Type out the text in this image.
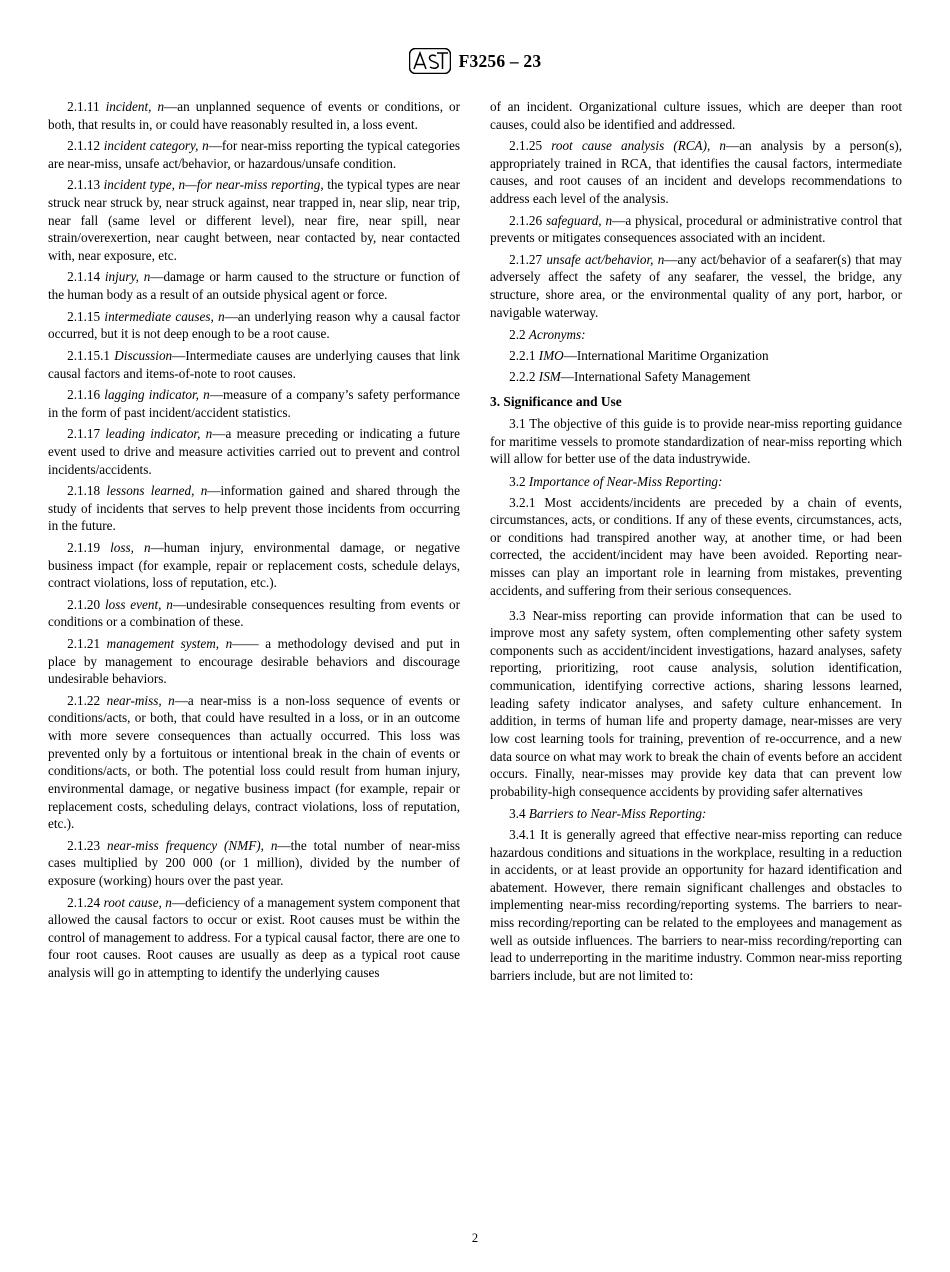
F3256 – 23

2.1.11 incident, n—an unplanned sequence of events or conditions, or both, that results in, or could have reasonably resulted in, a loss event.

2.1.12 incident category, n—for near-miss reporting the typical categories are near-miss, unsafe act/behavior, or hazardous/unsafe condition.

2.1.13 incident type, n—for near-miss reporting, the typical types are near struck near struck by, near struck against, near trapped in, near slip, near trip, near fall (same level or different level), near fire, near spill, near strain/overexertion, near caught between, near contacted by, near contacted with, near exposure, etc.

2.1.14 injury, n—damage or harm caused to the structure or function of the human body as a result of an outside physical agent or force.

2.1.15 intermediate causes, n—an underlying reason why a causal factor occurred, but it is not deep enough to be a root cause.

2.1.15.1 Discussion—Intermediate causes are underlying causes that link causal factors and items-of-note to root causes.

2.1.16 lagging indicator, n—measure of a company’s safety performance in the form of past incident/accident statistics.

2.1.17 leading indicator, n—a measure preceding or indicating a future event used to drive and measure activities carried out to prevent and control incidents/accidents.

2.1.18 lessons learned, n—information gained and shared through the study of incidents that serves to help prevent those incidents from occurring in the future.

2.1.19 loss, n—human injury, environmental damage, or negative business impact (for example, repair or replacement costs, schedule delays, contract violations, loss of reputation, etc.).

2.1.20 loss event, n—undesirable consequences resulting from events or conditions or a combination of these.

2.1.21 management system, n—— a methodology devised and put in place by management to encourage desirable behaviors and discourage undesirable behaviors.

2.1.22 near-miss, n—a near-miss is a non-loss sequence of events or conditions/acts, or both, that could have resulted in a loss, or in an outcome with more severe consequences than actually occurred. This loss was prevented only by a fortuitous or intentional break in the chain of events or conditions/acts, or both. The potential loss could result from human injury, environmental damage, or negative business impact (for example, repair or replacement costs, scheduling delays, contract violations, loss of reputation, etc.).

2.1.23 near-miss frequency (NMF), n—the total number of near-miss cases multiplied by 200 000 (or 1 million), divided by the number of exposure (working) hours over the past year.

2.1.24 root cause, n—deficiency of a management system component that allowed the causal factors to occur or exist. Root causes must be within the control of management to address. For a typical causal factor, there are one to four root causes. Root causes are usually as deep as a typical root cause analysis will go in attempting to identify the underlying causes

of an incident. Organizational culture issues, which are deeper than root causes, could also be identified and addressed.

2.1.25 root cause analysis (RCA), n—an analysis by a person(s), appropriately trained in RCA, that identifies the causal factors, intermediate causes, and root causes of an incident and develops recommendations to address each level of the analysis.

2.1.26 safeguard, n—a physical, procedural or administrative control that prevents or mitigates consequences associated with an incident.

2.1.27 unsafe act/behavior, n—any act/behavior of a seafarer(s) that may adversely affect the safety of any seafarer, the vessel, the bridge, any structure, shore area, or the environmental quality of any port, harbor, or navigable waterway.

2.2 Acronyms:

2.2.1 IMO—International Maritime Organization

2.2.2 ISM—International Safety Management

3. Significance and Use

3.1 The objective of this guide is to provide near-miss reporting guidance for maritime vessels to promote standardization of near-miss reporting which will allow for better use of the data industrywide.

3.2 Importance of Near-Miss Reporting:

3.2.1 Most accidents/incidents are preceded by a chain of events, circumstances, acts, or conditions. If any of these events, circumstances, acts, or conditions had transpired another way, at another time, or had been corrected, the accident/incident may have been avoided. Reporting near-misses can play an important role in learning from mistakes, preventing accidents, and suffering from their serious consequences.

3.3 Near-miss reporting can provide information that can be used to improve most any safety system, often complementing other safety system components such as accident/incident investigations, hazard analyses, safety reporting, prioritizing, root cause analysis, solution identification, communication, identifying corrective actions, sharing lessons learned, leading safety indicator analyses, and safety culture enhancement. In addition, in terms of human life and property damage, near-misses are very low cost learning tools for training, prevention of re-occurrence, and a new data source on what may work to break the chain of events before an accident occurs. Finally, near-misses may provide key data that can prevent low probability-high consequence accidents by providing safer alternatives

3.4 Barriers to Near-Miss Reporting:

3.4.1 It is generally agreed that effective near-miss reporting can reduce hazardous conditions and situations in the workplace, resulting in a reduction in accidents, or at least provide an opportunity for hazard identification and abatement. However, there remain significant challenges and obstacles to implementing near-miss recording/reporting systems. The barriers to near-miss recording/reporting can be related to the employees and management as well as outside influences. The barriers to near-miss recording/reporting can lead to underreporting in the maritime industry. Common near-miss reporting barriers include, but are not limited to:

2
